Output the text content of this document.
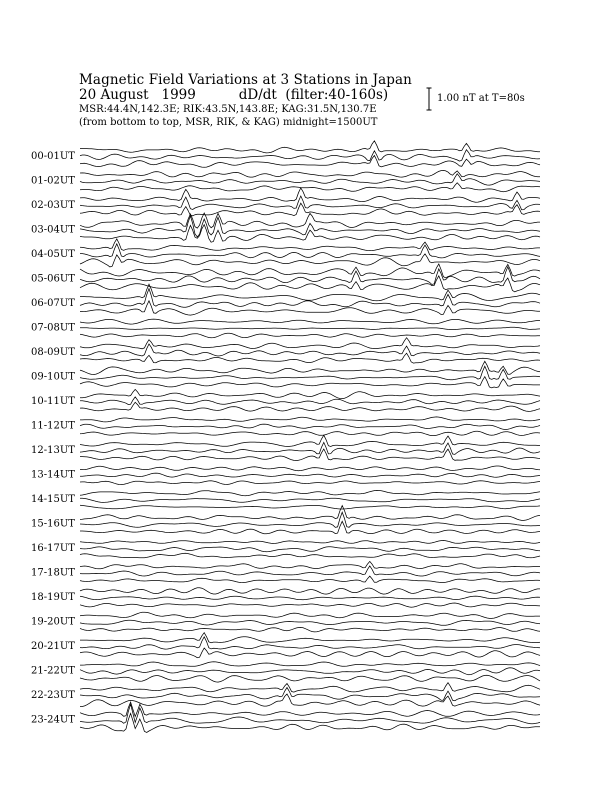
Magnetic Field Variations at 3 Stations in Japan
20 August   1999	dD/dt  (filter:40-160s)
MSR:44.4N,142.3E; RIK:43.5N,143.8E; KAG:31.5N,130.7E
(from bottom to top, MSR, RIK, & KAG) midnight=1500UT
1.00 nT at T=80s
00-01UT
01-02UT
02-03UT
03-04UT
04-05UT
05-06UT
06-07UT
07-08UT
08-09UT
09-10UT
10-11UT
11-12UT
12-13UT
13-14UT
14-15UT
15-16UT
16-17UT
17-18UT
18-19UT
19-20UT
20-21UT
21-22UT
22-23UT
23-24UT
